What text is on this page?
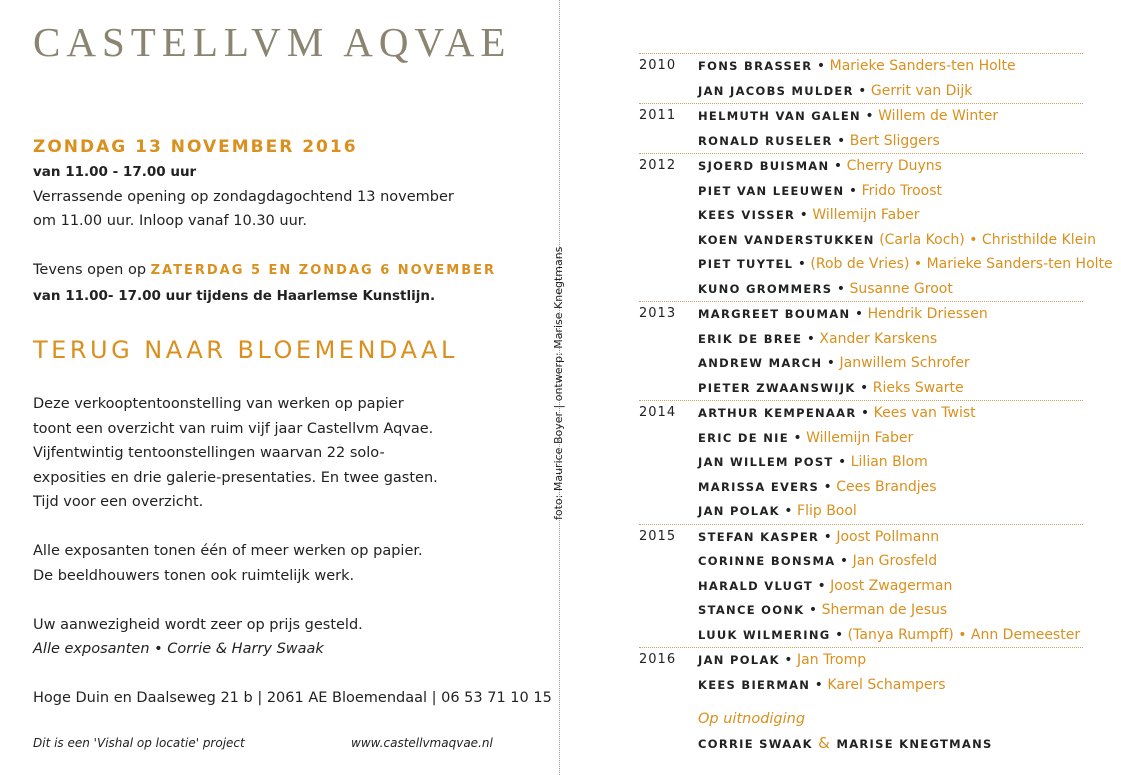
CASTELLVM AQVAE
ZONDAG 13 NOVEMBER 2016
van 11.00 - 17.00 uur
Verrassende opening op zondagdagochtend 13 november
om 11.00 uur. Inloop vanaf 10.30 uur.
Tevens open op ZATERDAG 5 EN ZONDAG 6 NOVEMBER
van 11.00- 17.00 uur tijdens de Haarlemse Kunstlijn.
TERUG NAAR BLOEMENDAAL
Deze verkooptentoonstelling van werken op papier
toont een overzicht van ruim vijf jaar Castellvm Aqvae.
Vijfentwintig tentoonstellingen waarvan 22 solo-
exposities en drie galerie-presentaties. En twee gasten.
Tijd voor een overzicht.
Alle exposanten tonen één of meer werken op papier.
De beeldhouwers tonen ook ruimtelijk werk.
Uw aanwezigheid wordt zeer op prijs gesteld.
Alle exposanten • Corrie & Harry Swaak
Hoge Duin en Daalseweg 21 b | 2061 AE Bloemendaal | 06 53 71 10 15
Dit is een 'Vishal op locatie' project	www.castellvmaqvae.nl
foto: Maurice Boyer | ontwerp: Marise Knegtmans
2010 FONS BRASSER • Marieke Sanders-ten Holte
JAN JACOBS MULDER • Gerrit van Dijk
2011 HELMUTH VAN GALEN • Willem de Winter
RONALD RUSELER • Bert Sliggers
2012 SJOERD BUISMAN • Cherry Duyns
PIET VAN LEEUWEN • Frido Troost
KEES VISSER • Willemijn Faber
KOEN VANDERSTUKKEN (Carla Koch) • Christhilde Klein
PIET TUYTEL • (Rob de Vries) • Marieke Sanders-ten Holte
KUNO GROMMERS • Susanne Groot
2013 MARGREET BOUMAN • Hendrik Driessen
ERIK DE BREE • Xander Karskens
ANDREW MARCH • Janwillem Schrofer
PIETER ZWAANSWIJK • Rieks Swarte
2014 ARTHUR KEMPENAAR • Kees van Twist
ERIC DE NIE • Willemijn Faber
JAN WILLEM POST • Lilian Blom
MARISSA EVERS • Cees Brandjes
JAN POLAK • Flip Bool
2015 STEFAN KASPER • Joost Pollmann
CORINNE BONSMA • Jan Grosfeld
HARALD VLUGT • Joost Zwagerman
STANCE OONK • Sherman de Jesus
LUUK WILMERING • (Tanya Rumpff) • Ann Demeester
2016 JAN POLAK • Jan Tromp
KEES BIERMAN • Karel Schampers
Op uitnodiging
CORRIE SWAAK & MARISE KNEGTMANS
